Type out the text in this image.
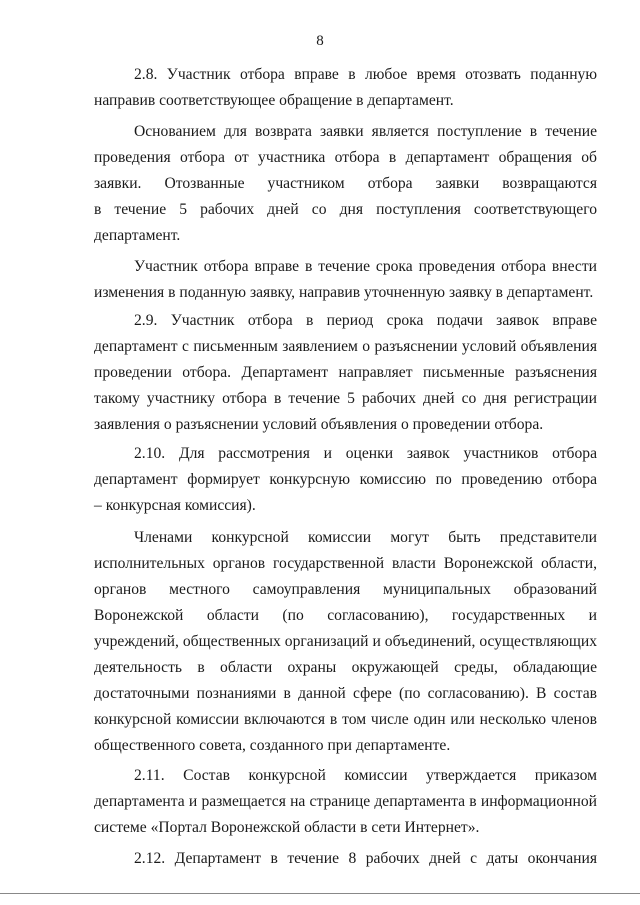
8
2.8. Участник отбора вправе в любое время отозвать поданную
направив соответствующее обращение в департамент.
Основанием для возврата заявки является поступление в течение
проведения отбора от участника отбора в департамент обращения об
заявки. Отозванные участником отбора заявки возвращаются
в течение 5 рабочих дней со дня поступления соответствующего
департамент.
Участник отбора вправе в течение срока проведения отбора внести
изменения в поданную заявку, направив уточненную заявку в департамент.
2.9. Участник отбора в период срока подачи заявок вправе
департамент с письменным заявлением о разъяснении условий объявления
проведении отбора. Департамент направляет письменные разъяснения
такому участнику отбора в течение 5 рабочих дней со дня регистрации
заявления о разъяснении условий объявления о проведении отбора.
2.10. Для рассмотрения и оценки заявок участников отбора
департамент формирует конкурсную комиссию по проведению отбора
– конкурсная комиссия).
Членами конкурсной комиссии могут быть представители
исполнительных органов государственной власти Воронежской области,
органов местного самоуправления муниципальных образований
Воронежской области (по согласованию), государственных и
учреждений, общественных организаций и объединений, осуществляющих
деятельность в области охраны окружающей среды, обладающие
достаточными познаниями в данной сфере (по согласованию). В состав
конкурсной комиссии включаются в том числе один или несколько членов
общественного совета, созданного при департаменте.
2.11. Состав конкурсной комиссии утверждается приказом
департамента и размещается на странице департамента в информационной
системе «Портал Воронежской области в сети Интернет».
2.12. Департамент в течение 8 рабочих дней с даты окончания
